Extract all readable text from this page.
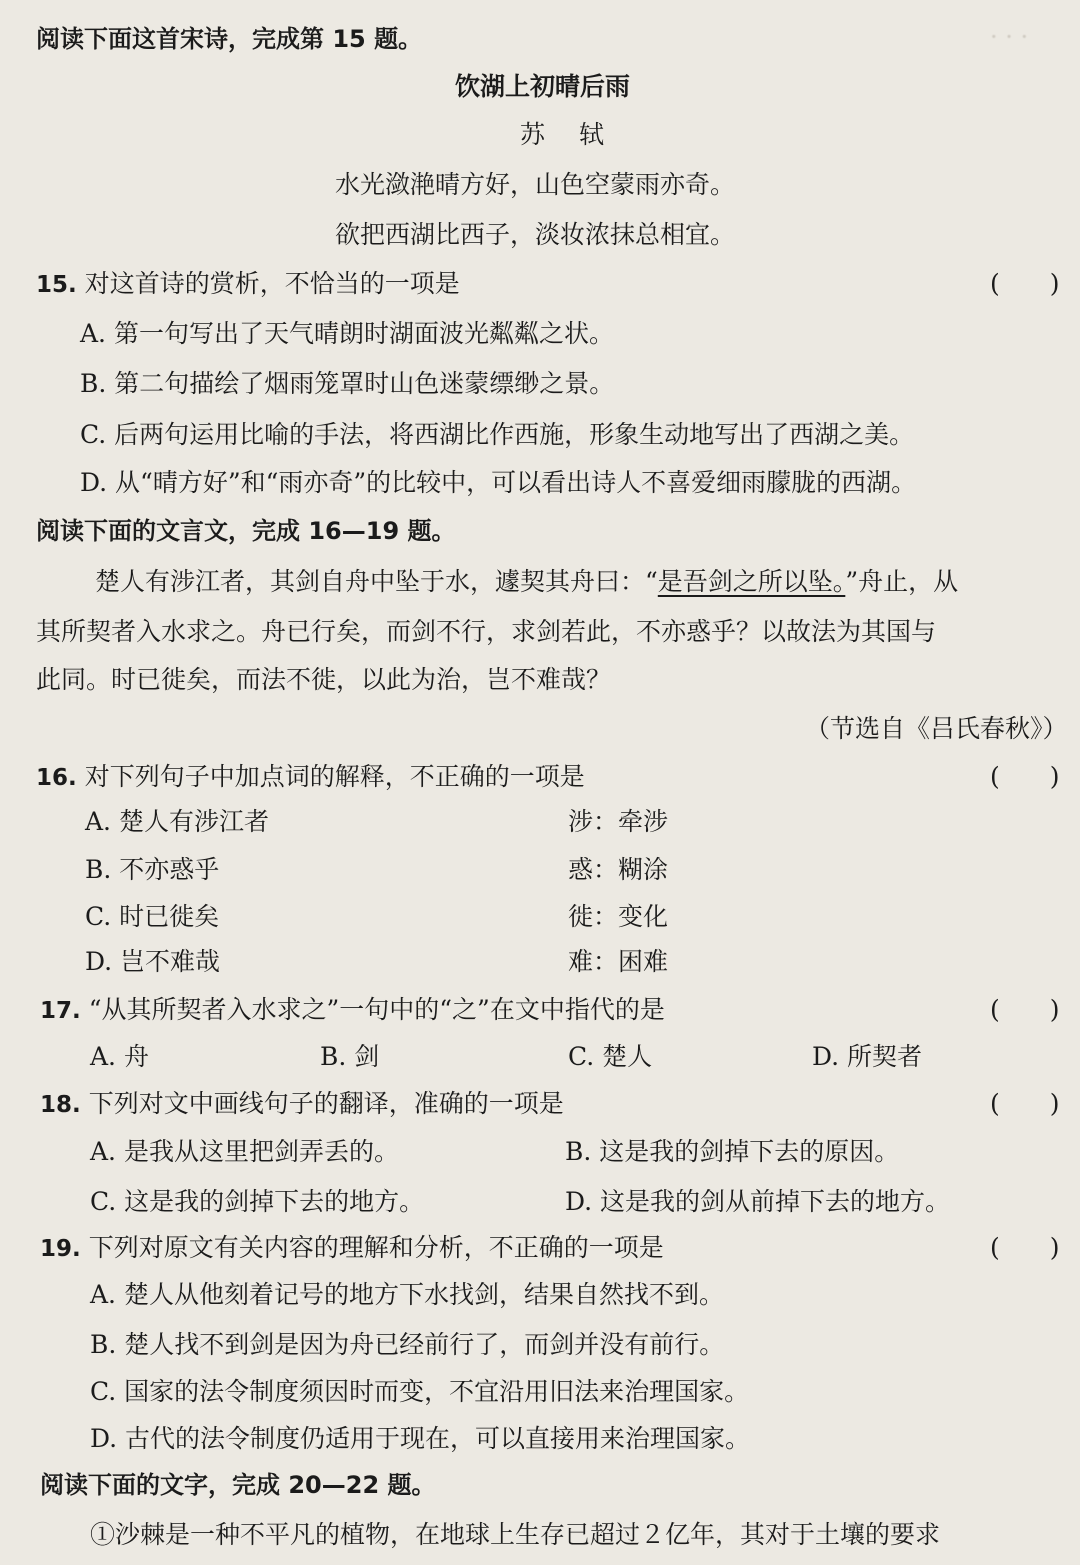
· · ·
阅读下面这首宋诗，完成第 15 题。
饮湖上初晴后雨
苏轼
水光潋滟晴方好，山色空蒙雨亦奇。
欲把西湖比西子，淡妆浓抹总相宜。
15. 对这首诗的赏析，不恰当的一项是	(　　)
A. 第一句写出了天气晴朗时湖面波光粼粼之状。
B. 第二句描绘了烟雨笼罩时山色迷蒙缥缈之景。
C. 后两句运用比喻的手法，将西湖比作西施，形象生动地写出了西湖之美。
D. 从“晴方好”和“雨亦奇”的比较中，可以看出诗人不喜爱细雨朦胧的西湖。
阅读下面的文言文，完成 16—19 题。
楚人有涉江者，其剑自舟中坠于水，遽契其舟曰：“是吾剑之所以坠。”舟止，从
其所契者入水求之。舟已行矣，而剑不行，求剑若此，不亦惑乎？以故法为其国与
此同。时已徙矣，而法不徙，以此为治，岂不难哉？
（节选自《吕氏春秋》）
16. 对下列句子中加点词的解释，不正确的一项是	(　　)
A. 楚人有涉江者	涉：牵涉
B. 不亦惑乎	惑：糊涂
C. 时已徙矣	徙：变化
D. 岂不难哉	难：困难
17. “从其所契者入水求之”一句中的“之”在文中指代的是	(　　)
A. 舟	B. 剑	C. 楚人	D. 所契者
18. 下列对文中画线句子的翻译，准确的一项是	(　　)
A. 是我从这里把剑弄丢的。	B. 这是我的剑掉下去的原因。
C. 这是我的剑掉下去的地方。	D. 这是我的剑从前掉下去的地方。
19. 下列对原文有关内容的理解和分析，不正确的一项是	(　　)
A. 楚人从他刻着记号的地方下水找剑，结果自然找不到。
B. 楚人找不到剑是因为舟已经前行了，而剑并没有前行。
C. 国家的法令制度须因时而变，不宜沿用旧法来治理国家。
D. 古代的法令制度仍适用于现在，可以直接用来治理国家。
阅读下面的文字，完成 20—22 题。
①沙棘是一种不平凡的植物，在地球上生存已超过２亿年，其对于土壤的要求
